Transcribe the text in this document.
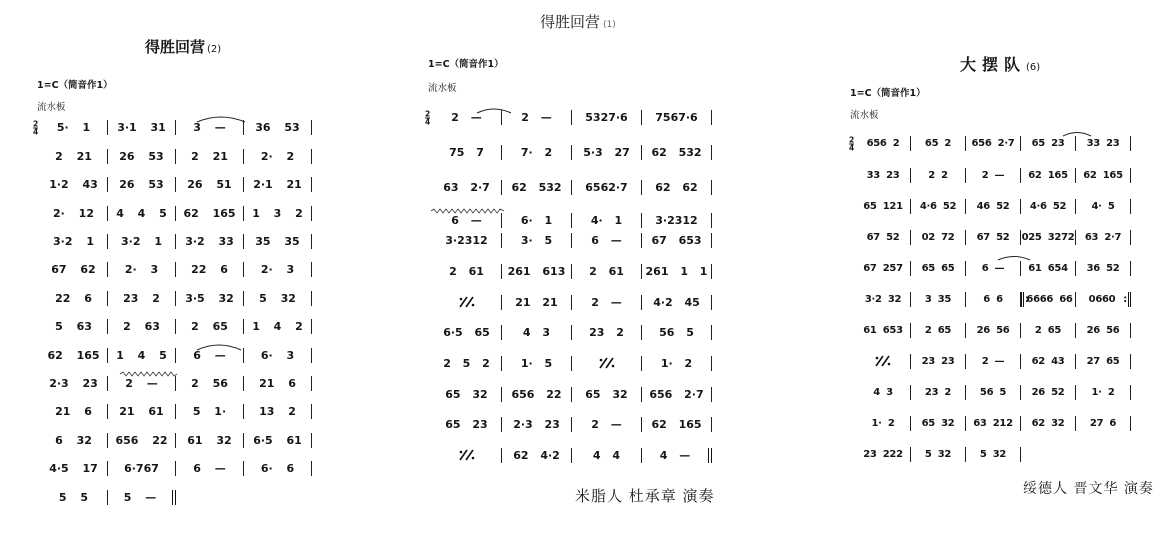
得胜回营 (2)
1=C（筒音作1）
流水板
2
4	5· 1	3·1 31	3 —	36 53
2 21	26 53	2 21	2· 2
1·2 43	26 53	26 51	2·1 21
2· 12	4 4 5	62 165	1 3 2
3·2 1	3·2 1	3·2 33	35 35
67 62	2· 3	22 6	2· 3
22 6	23 2	3·5 32	5 32
5 63	2 63	2 65	1 4 2
62 165	1 4 5	6 —	6· 3
2·3 23	2 —	2 56	21 6
21 6	21 61	5 1·	13 2
6 32	656 22	61 32	6·5 61
4·5 17	6·767	6 —	6· 6
5 5	5 —
得胜回营 (1)
1=C（筒音作1）
流水板
2
4	2 —	2 —	5327·6	7567·6
75 7	7· 2	5·3 27	62 532
63 2·7	62 532	6562·7	62 62
6 —	6· 1	4· 1	3·2312
3·2312	3· 5	6 —	67 653
2 61	261 613	2 61	261 1 1
21 21	2 —	4·2 45
6·5 65	4 3	23 2	56 5
2 5 2	1· 5	1· 2
65 32	656 22	65 32	656 2·7
65 23	2·3 23	2 —	62 165
62 4·2	4 4	4 —
米脂人 杜承章 演奏
大摆队(6)
1=C（筒音作1）
流水板
2
4	656 2	65 2	656 2·7	65 23	33 23
33 23	2 2	2 —	62 165	62 165
65 121	4·6 52	46 52	4·6 52	4· 5
67 52	02 72	67 52	025 3272	63 2·7
67 257	65 65	6 —	61 654	36 52
3·2 32	3 35	6 6
:	6666 66	0660 :
61 653	2 65	26 56	2 65	26 56
23 23	2 —	62 43	27 65
4 3	23 2	56 5	26 52	1· 2
1· 2	65 32	63 212	62 32	27 6
23 222	5 32	5 32
绥德人 晋文华 演奏
